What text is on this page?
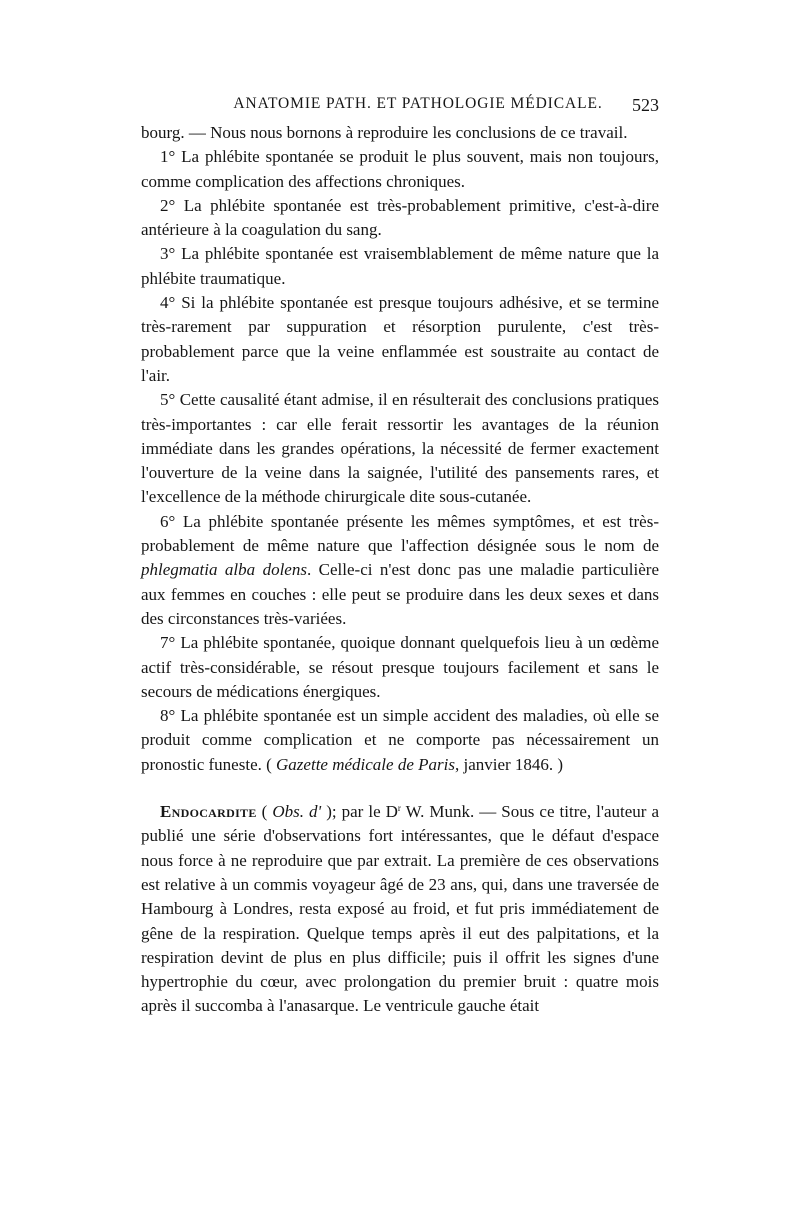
ANATOMIE PATH. ET PATHOLOGIE MÉDICALE. 523

bourg. — Nous nous bornons à reproduire les conclusions de ce travail.

1° La phlébite spontanée se produit le plus souvent, mais non toujours, comme complication des affections chroniques.

2° La phlébite spontanée est très-probablement primitive, c'est-à-dire antérieure à la coagulation du sang.

3° La phlébite spontanée est vraisemblablement de même nature que la phlébite traumatique.

4° Si la phlébite spontanée est presque toujours adhésive, et se termine très-rarement par suppuration et résorption purulente, c'est très-probablement parce que la veine enflammée est soustraite au contact de l'air.

5° Cette causalité étant admise, il en résulterait des conclusions pratiques très-importantes : car elle ferait ressortir les avantages de la réunion immédiate dans les grandes opérations, la nécessité de fermer exactement l'ouverture de la veine dans la saignée, l'utilité des pansements rares, et l'excellence de la méthode chirurgicale dite sous-cutanée.

6° La phlébite spontanée présente les mêmes symptômes, et est très-probablement de même nature que l'affection désignée sous le nom de phlegmatia alba dolens. Celle-ci n'est donc pas une maladie particulière aux femmes en couches : elle peut se produire dans les deux sexes et dans des circonstances très-variées.

7° La phlébite spontanée, quoique donnant quelquefois lieu à un œdème actif très-considérable, se résout presque toujours facilement et sans le secours de médications énergiques.

8° La phlébite spontanée est un simple accident des maladies, où elle se produit comme complication et ne comporte pas nécessairement un pronostic funeste. ( Gazette médicale de Paris, janvier 1846. )

Endocardite ( Obs. d' ); par le $D^r$ W. Munk. — Sous ce titre, l'auteur a publié une série d'observations fort intéressantes, que le défaut d'espace nous force à ne reproduire que par extrait. La première de ces observations est relative à un commis voyageur âgé de 23 ans, qui, dans une traversée de Hambourg à Londres, resta exposé au froid, et fut pris immédiatement de gêne de la respiration. Quelque temps après il eut des palpitations, et la respiration devint de plus en plus difficile; puis il offrit les signes d'une hypertrophie du cœur, avec prolongation du premier bruit : quatre mois après il succomba à l'anasarque. Le ventricule gauche était
